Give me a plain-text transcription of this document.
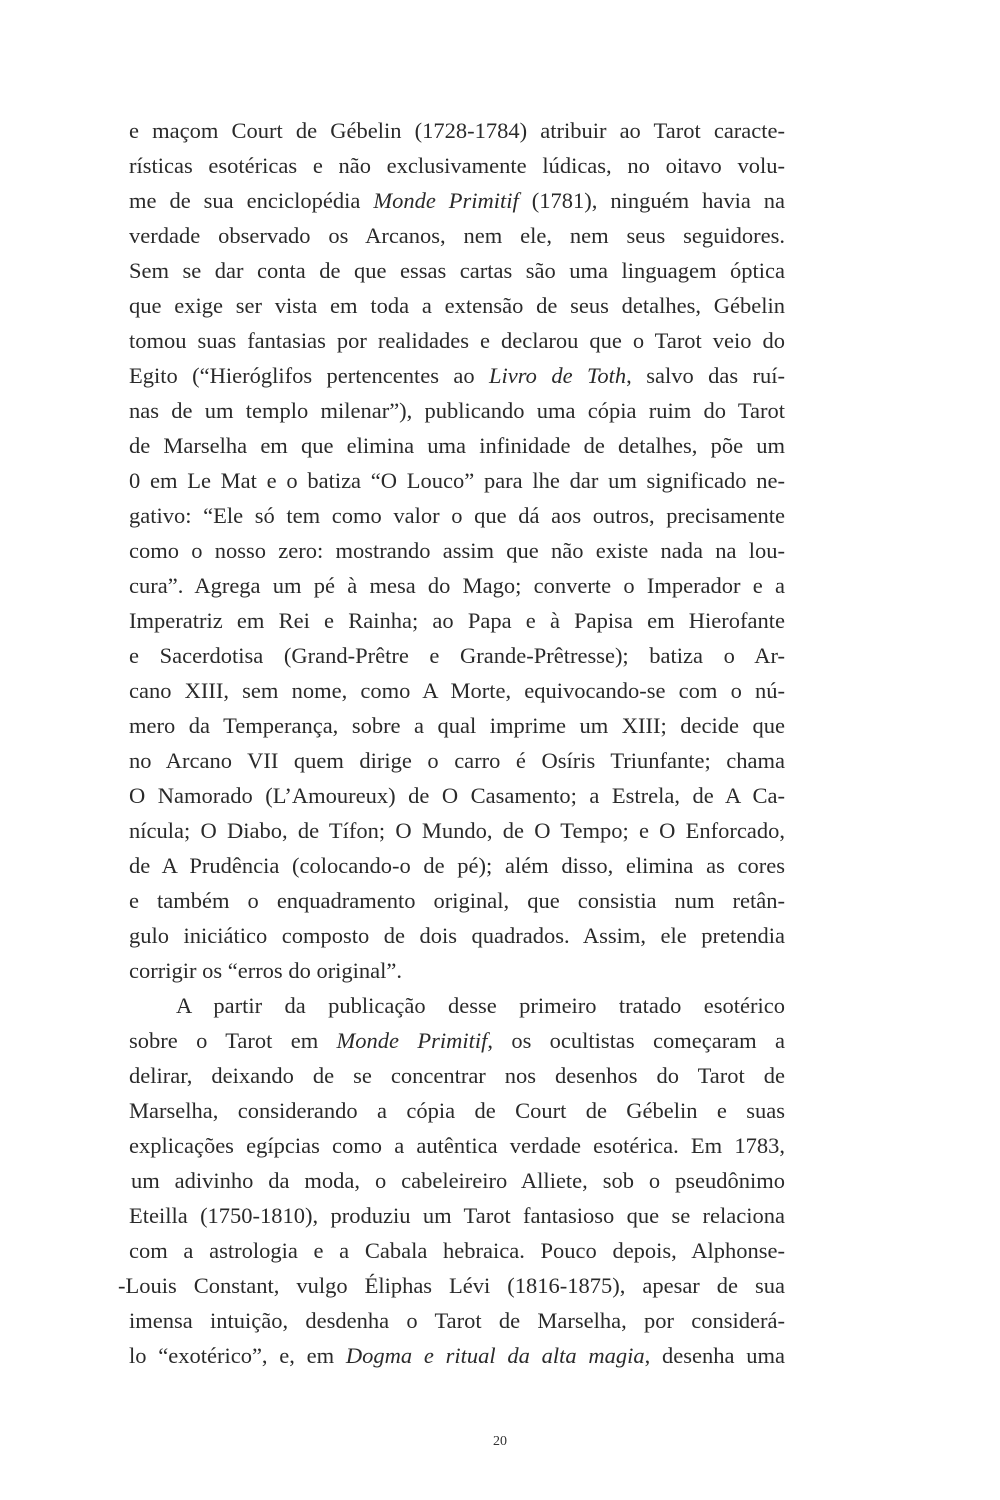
e maçom Court de Gébelin (1728-1784) atribuir ao Tarot caracte-
rísticas esotéricas e não exclusivamente lúdicas, no oitavo volu-
me de sua enciclopédia Monde Primitif (1781), ninguém havia na
verdade observado os Arcanos, nem ele, nem seus seguidores.
Sem se dar conta de que essas cartas são uma linguagem óptica
que exige ser vista em toda a extensão de seus detalhes, Gébelin
tomou suas fantasias por realidades e declarou que o Tarot veio do
Egito (“Hieróglifos pertencentes ao Livro de Toth, salvo das ruí-
nas de um templo milenar”), publicando uma cópia ruim do Tarot
de Marselha em que elimina uma infinidade de detalhes, põe um
0 em Le Mat e o batiza “O Louco” para lhe dar um significado ne-
gativo: “Ele só tem como valor o que dá aos outros, precisamente
como o nosso zero: mostrando assim que não existe nada na lou-
cura”. Agrega um pé à mesa do Mago; converte o Imperador e a
Imperatriz em Rei e Rainha; ao Papa e à Papisa em Hierofante
e Sacerdotisa (Grand-Prêtre e Grande-Prêtresse); batiza o Ar-
cano XIII, sem nome, como A Morte, equivocando-se com o nú-
mero da Temperança, sobre a qual imprime um XIII; decide que
no Arcano VII quem dirige o carro é Osíris Triunfante; chama
O Namorado (L’Amoureux) de O Casamento; a Estrela, de A Ca-
nícula; O Diabo, de Tífon; O Mundo, de O Tempo; e O Enforcado,
de A Prudência (colocando-o de pé); além disso, elimina as cores
e também o enquadramento original, que consistia num retân-
gulo iniciático composto de dois quadrados. Assim, ele pretendia
corrigir os “erros do original”.
A partir da publicação desse primeiro tratado esotérico
sobre o Tarot em Monde Primitif, os ocultistas começaram a
delirar, deixando de se concentrar nos desenhos do Tarot de
Marselha, considerando a cópia de Court de Gébelin e suas
explicações egípcias como a autêntica verdade esotérica. Em 1783,
um adivinho da moda, o cabeleireiro Alliete, sob o pseudônimo
Eteilla (1750-1810), produziu um Tarot fantasioso que se relaciona
com a astrologia e a Cabala hebraica. Pouco depois, Alphonse-
-Louis Constant, vulgo Éliphas Lévi (1816-1875), apesar de sua
imensa intuição, desdenha o Tarot de Marselha, por considerá-
lo “exotérico”, e, em Dogma e ritual da alta magia, desenha uma
20
